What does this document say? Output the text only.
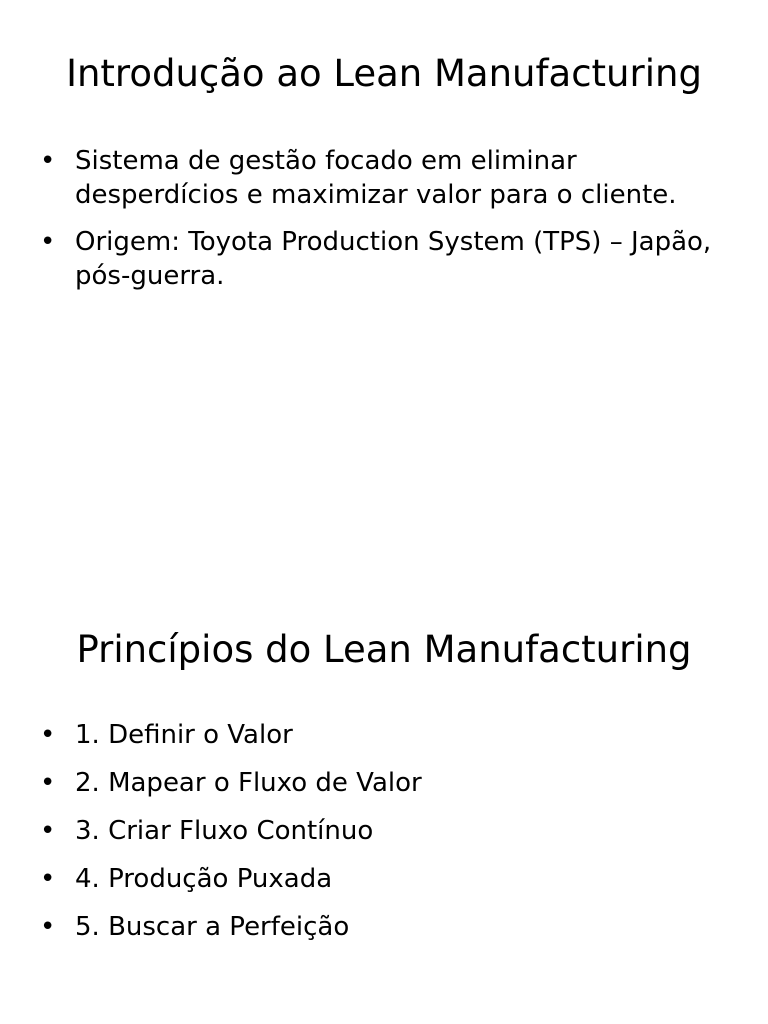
Introdução ao Lean Manufacturing
• Sistema de gestão focado em eliminar desperdícios e maximizar valor para o cliente.
• Origem: Toyota Production System (TPS) – Japão, pós-guerra.
Princípios do Lean Manufacturing
• 1. Definir o Valor
• 2. Mapear o Fluxo de Valor
• 3. Criar Fluxo Contínuo
• 4. Produção Puxada
• 5. Buscar a Perfeição
